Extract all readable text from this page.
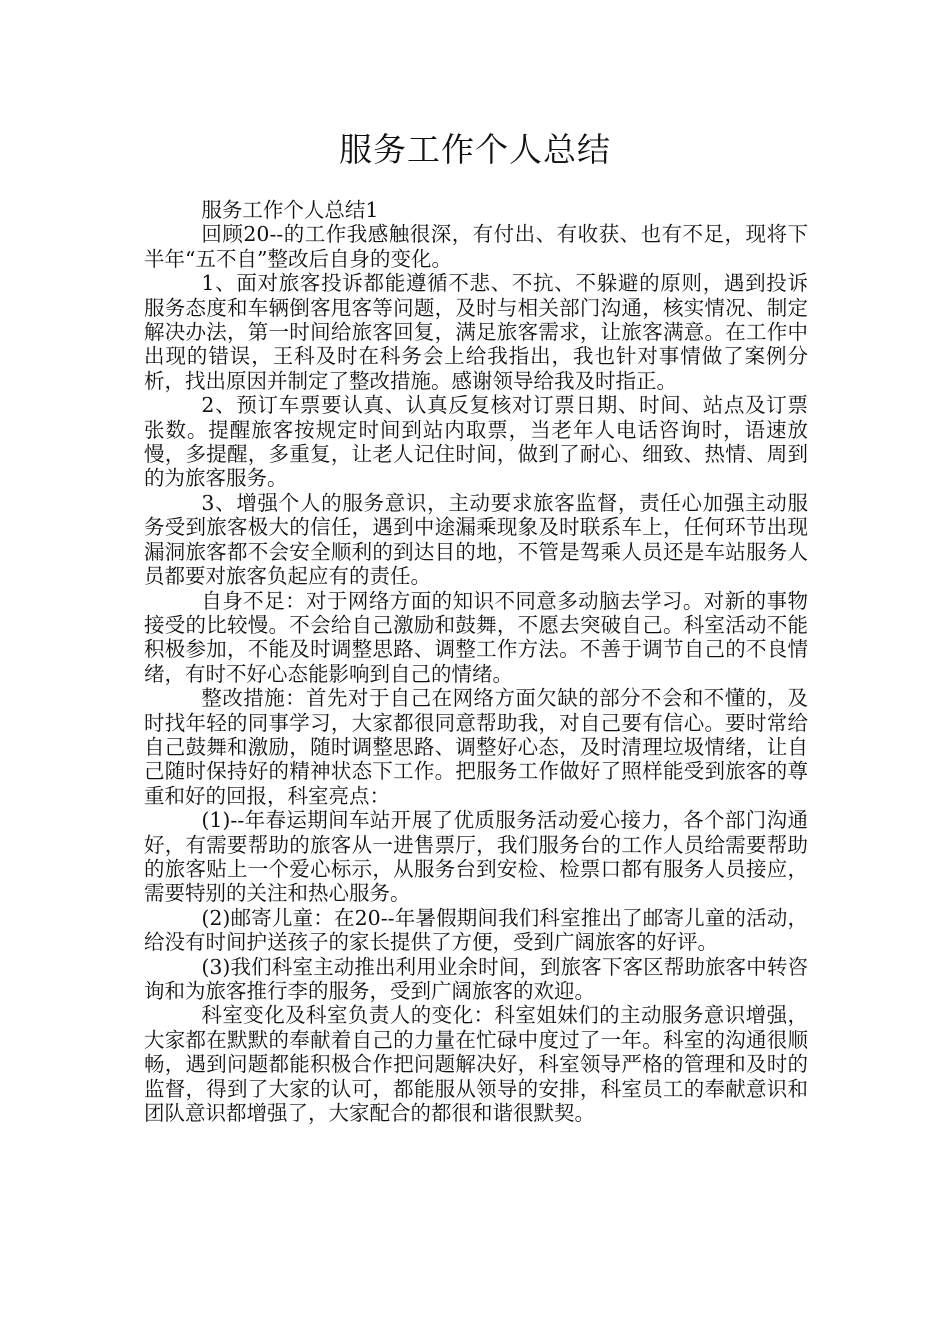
服务工作个人总结

服务工作个人总结1

回顾20--的工作我感触很深，有付出、有收获、也有不足，现将下半年“五不自”整改后自身的变化。

1、面对旅客投诉都能遵循不悲、不抗、不躲避的原则，遇到投诉服务态度和车辆倒客甩客等问题，及时与相关部门沟通，核实情况、制定解决办法，第一时间给旅客回复，满足旅客需求，让旅客满意。在工作中出现的错误，王科及时在科务会上给我指出，我也针对事情做了案例分析，找出原因并制定了整改措施。感谢领导给我及时指正。

2、预订车票要认真、认真反复核对订票日期、时间、站点及订票张数。提醒旅客按规定时间到站内取票，当老年人电话咨询时，语速放慢，多提醒，多重复，让老人记住时间，做到了耐心、细致、热情、周到的为旅客服务。

3、增强个人的服务意识，主动要求旅客监督，责任心加强主动服务受到旅客极大的信任，遇到中途漏乘现象及时联系车上，任何环节出现漏洞旅客都不会安全顺利的到达目的地，不管是驾乘人员还是车站服务人员都要对旅客负起应有的责任。

自身不足：对于网络方面的知识不同意多动脑去学习。对新的事物接受的比较慢。不会给自己激励和鼓舞，不愿去突破自己。科室活动不能积极参加，不能及时调整思路、调整工作方法。不善于调节自己的不良情绪，有时不好心态能影响到自己的情绪。

整改措施：首先对于自己在网络方面欠缺的部分不会和不懂的，及时找年轻的同事学习，大家都很同意帮助我，对自己要有信心。要时常给自己鼓舞和激励，随时调整思路、调整好心态，及时清理垃圾情绪，让自己随时保持好的精神状态下工作。把服务工作做好了照样能受到旅客的尊重和好的回报，科室亮点：

(1)--年春运期间车站开展了优质服务活动爱心接力，各个部门沟通好，有需要帮助的旅客从一进售票厅，我们服务台的工作人员给需要帮助的旅客贴上一个爱心标示，从服务台到安检、检票口都有服务人员接应，需要特别的关注和热心服务。

(2)邮寄儿童：在20--年暑假期间我们科室推出了邮寄儿童的活动，给没有时间护送孩子的家长提供了方便，受到广阔旅客的好评。

(3)我们科室主动推出利用业余时间，到旅客下客区帮助旅客中转咨询和为旅客推行李的服务，受到广阔旅客的欢迎。

科室变化及科室负责人的变化：科室姐妹们的主动服务意识增强，大家都在默默的奉献着自己的力量在忙碌中度过了一年。科室的沟通很顺畅，遇到问题都能积极合作把问题解决好，科室领导严格的管理和及时的监督，得到了大家的认可，都能服从领导的安排，科室员工的奉献意识和团队意识都增强了，大家配合的都很和谐很默契。
